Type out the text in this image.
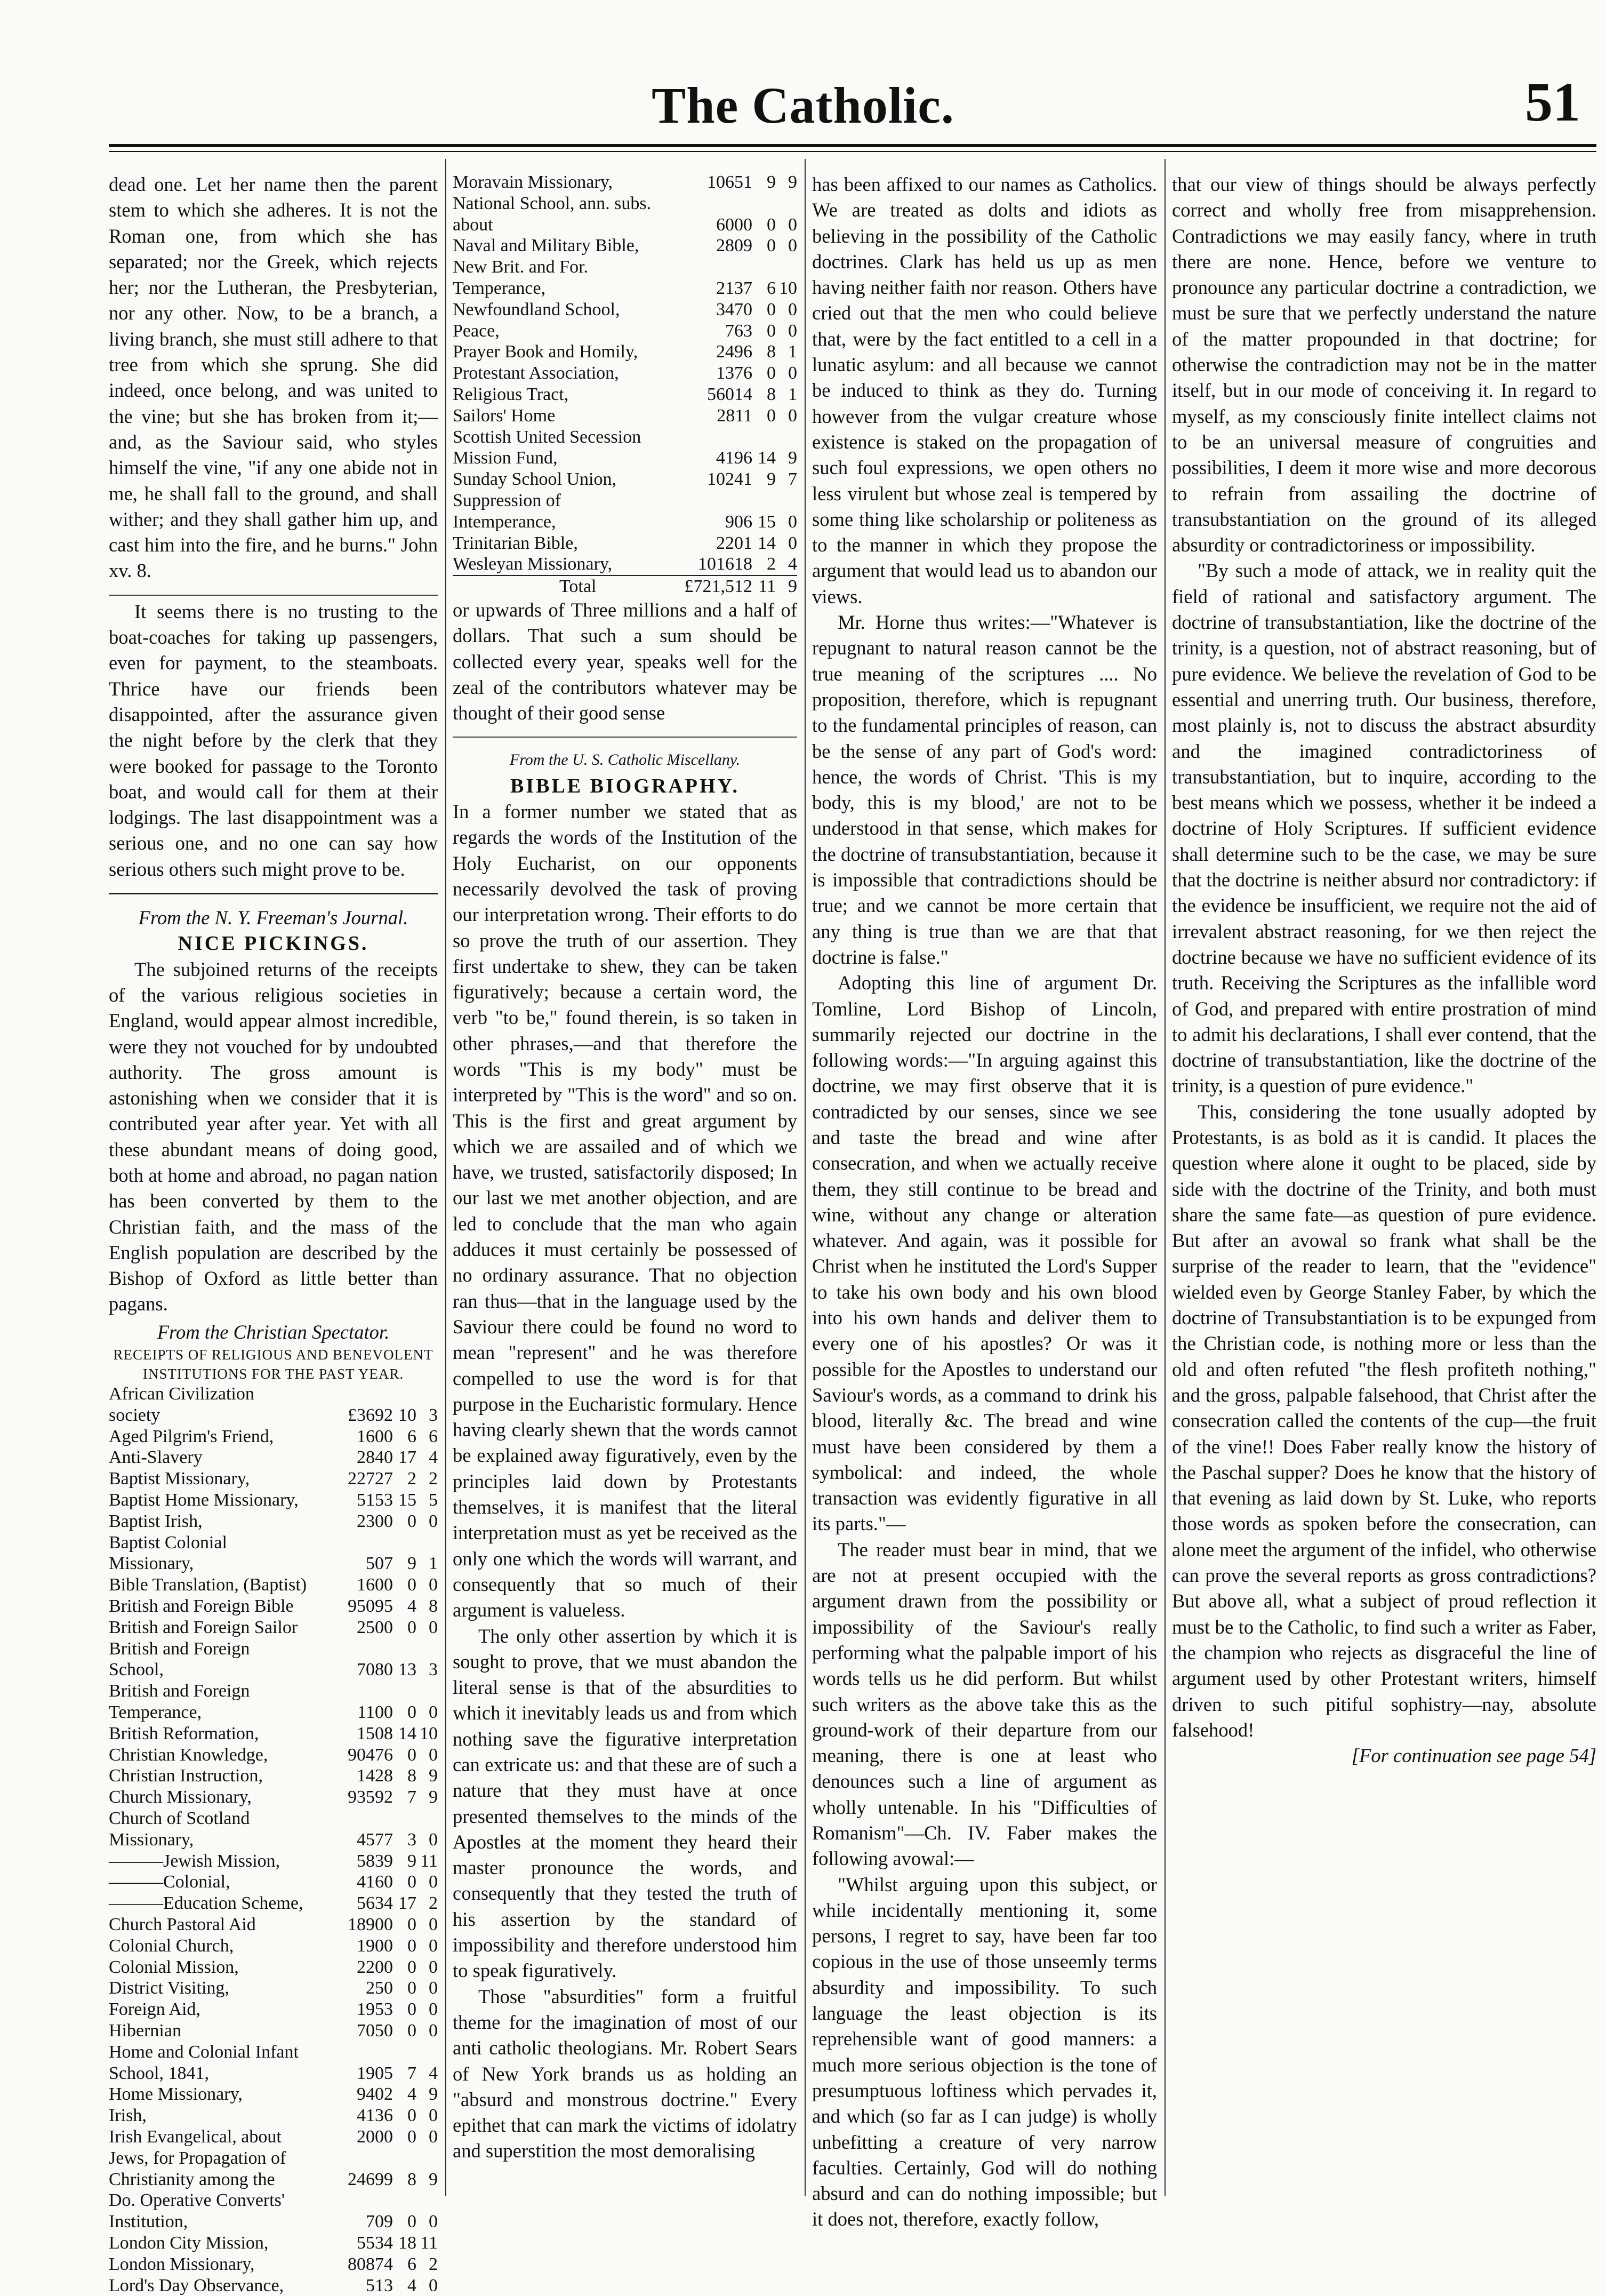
The Catholic.	51

dead one. Let her name then the parent stem to which she adheres. It is not the Roman one, from which she has separated; nor the Greek, which rejects her; nor the Lutheran, the Presbyterian, nor any other. Now, to be a branch, a living branch, she must still adhere to that tree from which she sprung. She did indeed, once belong, and was united to the vine; but she has broken from it;—and, as the Saviour said, who styles himself the vine, "if any one abide not in me, he shall fall to the ground, and shall wither; and they shall gather him up, and cast him into the fire, and he burns." John xv. 8.

It seems there is no trusting to the boat-coaches for taking up passengers, even for payment, to the steamboats. Thrice have our friends been disappointed, after the assurance given the night before by the clerk that they were booked for passage to the Toronto boat, and would call for them at their lodgings. The last disappointment was a serious one, and no one can say how serious others such might prove to be.

From the N. Y. Freeman's Journal.
NICE PICKINGS.

The subjoined returns of the receipts of the various religious societies in England, would appear almost incredible, were they not vouched for by undoubted authority. The gross amount is astonishing when we consider that it is contributed year after year. Yet with all these abundant means of doing good, both at home and abroad, no pagan nation has been converted by them to the Christian faith, and the mass of the English population are described by the Bishop of Oxford as little better than pagans.

From the Christian Spectator.
RECEIPTS OF RELIGIOUS AND BENEVOLENT INSTITUTIONS FOR THE PAST YEAR.
African Civilization society	£3692	10	3
Aged Pilgrim's Friend,	1600	6	6
Anti-Slavery	2840	17	4
Baptist Missionary,	22727	2	2
Baptist Home Missionary,	5153	15	5
Baptist Irish,	2300	0	0
Baptist Colonial Missionary,	507	9	1
Bible Translation, (Baptist)	1600	0	0
British and Foreign Bible	95095	4	8
British and Foreign Sailor	2500	0	0
British and Foreign School,	7080	13	3
British and Foreign Temperance,	1100	0	0
British Reformation,	1508	14	10
Christian Knowledge,	90476	0	0
Christian Instruction,	1428	8	9
Church Missionary,	93592	7	9
Church of Scotland Missionary,	4577	3	0
———Jewish Mission,	5839	9	11
———Colonial,	4160	0	0
———Education Scheme,	5634	17	2
Church Pastoral Aid	18900	0	0
Colonial Church,	1900	0	0
Colonial Mission,	2200	0	0
District Visiting,	250	0	0
Foreign Aid,	1953	0	0
Hibernian	7050	0	0
Home and Colonial Infant School, 1841,	1905	7	4
Home Missionary,	9402	4	9
Irish,	4136	0	0
Irish Evangelical, about	2000	0	0
Jews, for Propagation of Christianity among the	24699	8	9
Do. Operative Converts' Institution,	709	0	0
London City Mission,	5534	18	11
London Missionary,	80874	6	2
Lord's Day Observance,	513	4	0
Moravain Missionary,	10651	9	9
National School, ann. subs. about	6000	0	0
Naval and Military Bible,	2809	0	0
New Brit. and For. Temperance,	2137	6	10
Newfoundland School,	3470	0	0
Peace,	763	0	0
Prayer Book and Homily,	2496	8	1
Protestant Association,	1376	0	0
Religious Tract,	56014	8	1
Sailors' Home	2811	0	0
Scottish United Secession Mission Fund,	4196	14	9
Sunday School Union,	10241	9	7
Suppression of Intemperance,	906	15	0
Trinitarian Bible,	2201	14	0
Wesleyan Missionary,	101618	2	4
Total	£721,512	11	9

or upwards of Three millions and a half of dollars. That such a sum should be collected every year, speaks well for the zeal of the contributors whatever may be thought of their good sense

From the U. S. Catholic Miscellany.
BIBLE BIOGRAPHY.

In a former number we stated that as regards the words of the Institution of the Holy Eucharist, on our opponents necessarily devolved the task of proving our interpretation wrong. Their efforts to do so prove the truth of our assertion. They first undertake to shew, they can be taken figuratively; because a certain word, the verb "to be," found therein, is so taken in other phrases,—and that therefore the words "This is my body" must be interpreted by "This is the word" and so on. This is the first and great argument by which we are assailed and of which we have, we trusted, satisfactorily disposed; In our last we met another objection, and are led to conclude that the man who again adduces it must certainly be possessed of no ordinary assurance. That no objection ran thus—that in the language used by the Saviour there could be found no word to mean "represent" and he was therefore compelled to use the word is for that purpose in the Eucharistic formulary. Hence having clearly shewn that the words cannot be explained away figuratively, even by the principles laid down by Protestants themselves, it is manifest that the literal interpretation must as yet be received as the only one which the words will warrant, and consequently that so much of their argument is valueless.

The only other assertion by which it is sought to prove, that we must abandon the literal sense is that of the absurdities to which it inevitably leads us and from which nothing save the figurative interpretation can extricate us: and that these are of such a nature that they must have at once presented themselves to the minds of the Apostles at the moment they heard their master pronounce the words, and consequently that they tested the truth of his assertion by the standard of impossibility and therefore understood him to speak figuratively.

Those "absurdities" form a fruitful theme for the imagination of most of our anti catholic theologians. Mr. Robert Sears of New York brands us as holding an "absurd and monstrous doctrine." Every epithet that can mark the victims of idolatry and superstition the most demoralising

has been affixed to our names as Catholics. We are treated as dolts and idiots as believing in the possibility of the Catholic doctrines. Clark has held us up as men having neither faith nor reason. Others have cried out that the men who could believe that, were by the fact entitled to a cell in a lunatic asylum: and all because we cannot be induced to think as they do. Turning however from the vulgar creature whose existence is staked on the propagation of such foul expressions, we open others no less virulent but whose zeal is tempered by some thing like scholarship or politeness as to the manner in which they propose the argument that would lead us to abandon our views.

Mr. Horne thus writes:—"Whatever is repugnant to natural reason cannot be the true meaning of the scriptures .... No proposition, therefore, which is repugnant to the fundamental principles of reason, can be the sense of any part of God's word: hence, the words of Christ. 'This is my body, this is my blood,' are not to be understood in that sense, which makes for the doctrine of transubstantiation, because it is impossible that contradictions should be true; and we cannot be more certain that any thing is true than we are that that doctrine is false."

Adopting this line of argument Dr. Tomline, Lord Bishop of Lincoln, summarily rejected our doctrine in the following words:—"In arguing against this doctrine, we may first observe that it is contradicted by our senses, since we see and taste the bread and wine after consecration, and when we actually receive them, they still continue to be bread and wine, without any change or alteration whatever. And again, was it possible for Christ when he instituted the Lord's Supper to take his own body and his own blood into his own hands and deliver them to every one of his apostles? Or was it possible for the Apostles to understand our Saviour's words, as a command to drink his blood, literally &c. The bread and wine must have been considered by them a symbolical: and indeed, the whole transaction was evidently figurative in all its parts."—

The reader must bear in mind, that we are not at present occupied with the argument drawn from the possibility or impossibility of the Saviour's really performing what the palpable import of his words tells us he did perform. But whilst such writers as the above take this as the ground-work of their departure from our meaning, there is one at least who denounces such a line of argument as wholly untenable. In his "Difficulties of Romanism"—Ch. IV. Faber makes the following avowal:—

"Whilst arguing upon this subject, or while incidentally mentioning it, some persons, I regret to say, have been far too copious in the use of those unseemly terms absurdity and impossibility. To such language the least objection is its reprehensible want of good manners: a much more serious objection is the tone of presumptuous loftiness which pervades it, and which (so far as I can judge) is wholly unbefitting a creature of very narrow faculties. Certainly, God will do nothing absurd and can do nothing impossible; but it does not, therefore, exactly follow,

that our view of things should be always perfectly correct and wholly free from misapprehension. Contradictions we may easily fancy, where in truth there are none. Hence, before we venture to pronounce any particular doctrine a contradiction, we must be sure that we perfectly understand the nature of the matter propounded in that doctrine; for otherwise the contradiction may not be in the matter itself, but in our mode of conceiving it. In regard to myself, as my consciously finite intellect claims not to be an universal measure of congruities and possibilities, I deem it more wise and more decorous to refrain from assailing the doctrine of transubstantiation on the ground of its alleged absurdity or contradictoriness or impossibility.

"By such a mode of attack, we in reality quit the field of rational and satisfactory argument. The doctrine of transubstantiation, like the doctrine of the trinity, is a question, not of abstract reasoning, but of pure evidence. We believe the revelation of God to be essential and unerring truth. Our business, therefore, most plainly is, not to discuss the abstract absurdity and the imagined contradictoriness of transubstantiation, but to inquire, according to the best means which we possess, whether it be indeed a doctrine of Holy Scriptures. If sufficient evidence shall determine such to be the case, we may be sure that the doctrine is neither absurd nor contradictory: if the evidence be insufficient, we require not the aid of irrevalent abstract reasoning, for we then reject the doctrine because we have no sufficient evidence of its truth. Receiving the Scriptures as the infallible word of God, and prepared with entire prostration of mind to admit his declarations, I shall ever contend, that the doctrine of transubstantiation, like the doctrine of the trinity, is a question of pure evidence."

This, considering the tone usually adopted by Protestants, is as bold as it is candid. It places the question where alone it ought to be placed, side by side with the doctrine of the Trinity, and both must share the same fate—as question of pure evidence. But after an avowal so frank what shall be the surprise of the reader to learn, that the "evidence" wielded even by George Stanley Faber, by which the doctrine of Transubstantiation is to be expunged from the Christian code, is nothing more or less than the old and often refuted "the flesh profiteth nothing," and the gross, palpable falsehood, that Christ after the consecration called the contents of the cup—the fruit of the vine!! Does Faber really know the history of the Paschal supper? Does he know that the history of that evening as laid down by St. Luke, who reports those words as spoken before the consecration, can alone meet the argument of the infidel, who otherwise can prove the several reports as gross contradictions? But above all, what a subject of proud reflection it must be to the Catholic, to find such a writer as Faber, the champion who rejects as disgraceful the line of argument used by other Protestant writers, himself driven to such pitiful sophistry—nay, absolute falsehood!

[For continuation see page 54]
